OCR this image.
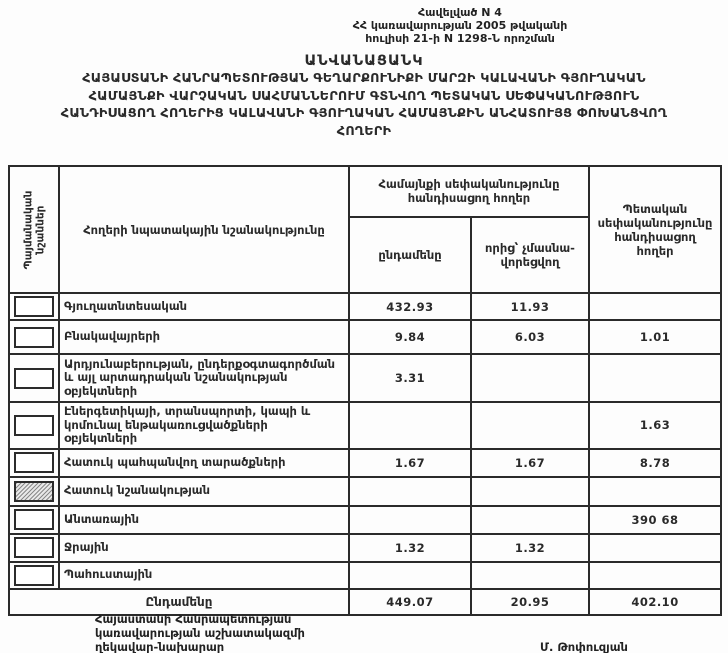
Հավելված N 4
ՀՀ կառավարության 2005 թվականի
հուլիսի 21-ի N 1298-Ն որոշման
ԱՆՎԱՆԱՑԱՆԿ
ՀԱՅԱՍՏԱՆԻ ՀԱՆՐԱՊԵՏՈՒԹՅԱՆ ԳԵՂԱՐՔՈՒՆԻՔԻ ՄԱՐԶԻ ԿԱԼԱՎԱՆԻ ԳՅՈՒՂԱԿԱՆ
ՀԱՄԱՅՆՔԻ ՎԱՐՉԱԿԱՆ ՍԱՀՄԱՆՆԵՐՈՒՄ ԳՏՆՎՈՂ ՊԵՏԱԿԱՆ ՍԵՓԱԿԱՆՈՒԹՅՈՒՆ
ՀԱՆԴԻՍԱՑՈՂ ՀՈՂԵՐԻՑ ԿԱԼԱՎԱՆԻ ԳՅՈՒՂԱԿԱՆ ՀԱՄԱՅՆՔԻՆ ԱՆՀԱՏՈՒՅՑ ՓՈԽԱՆՑՎՈՂ
ՀՈՂԵՐԻ
Պայմանական նշաններ	Հողերի նպատակային նշանակությունը	Համայնքի սեփականությունը հանդիսացող հողեր		Պետական սեփականությունը հանդիսացող հողեր
		ընդամենը	որից՝ չմասնա-վորեցվող	
	Գյուղատնտեսական	432.93	11.93	
	Բնակավայրերի	9.84	6.03	1.01
	Արդյունաբերության, ընդերքօգտագործման և այլ արտադրական նշանակության օբյեկտների	3.31		
	Էներգետիկայի, տրանսպորտի, կապի և կոմունալ ենթակառուցվածքների օբյեկտների			1.63
	Հատուկ պահպանվող տարածքների	1.67	1.67	8.78
	Հատուկ նշանակության			
	Անտառային			390 68
	Ջրային	1.32	1.32	
	Պահուստային			
Ընդամենը		449.07	20.95	402.10
Հայաստանի Հանրապետության
կառավարության աշխատակազմի
ղեկավար-նախարար	Մ. Թոփուզյան
